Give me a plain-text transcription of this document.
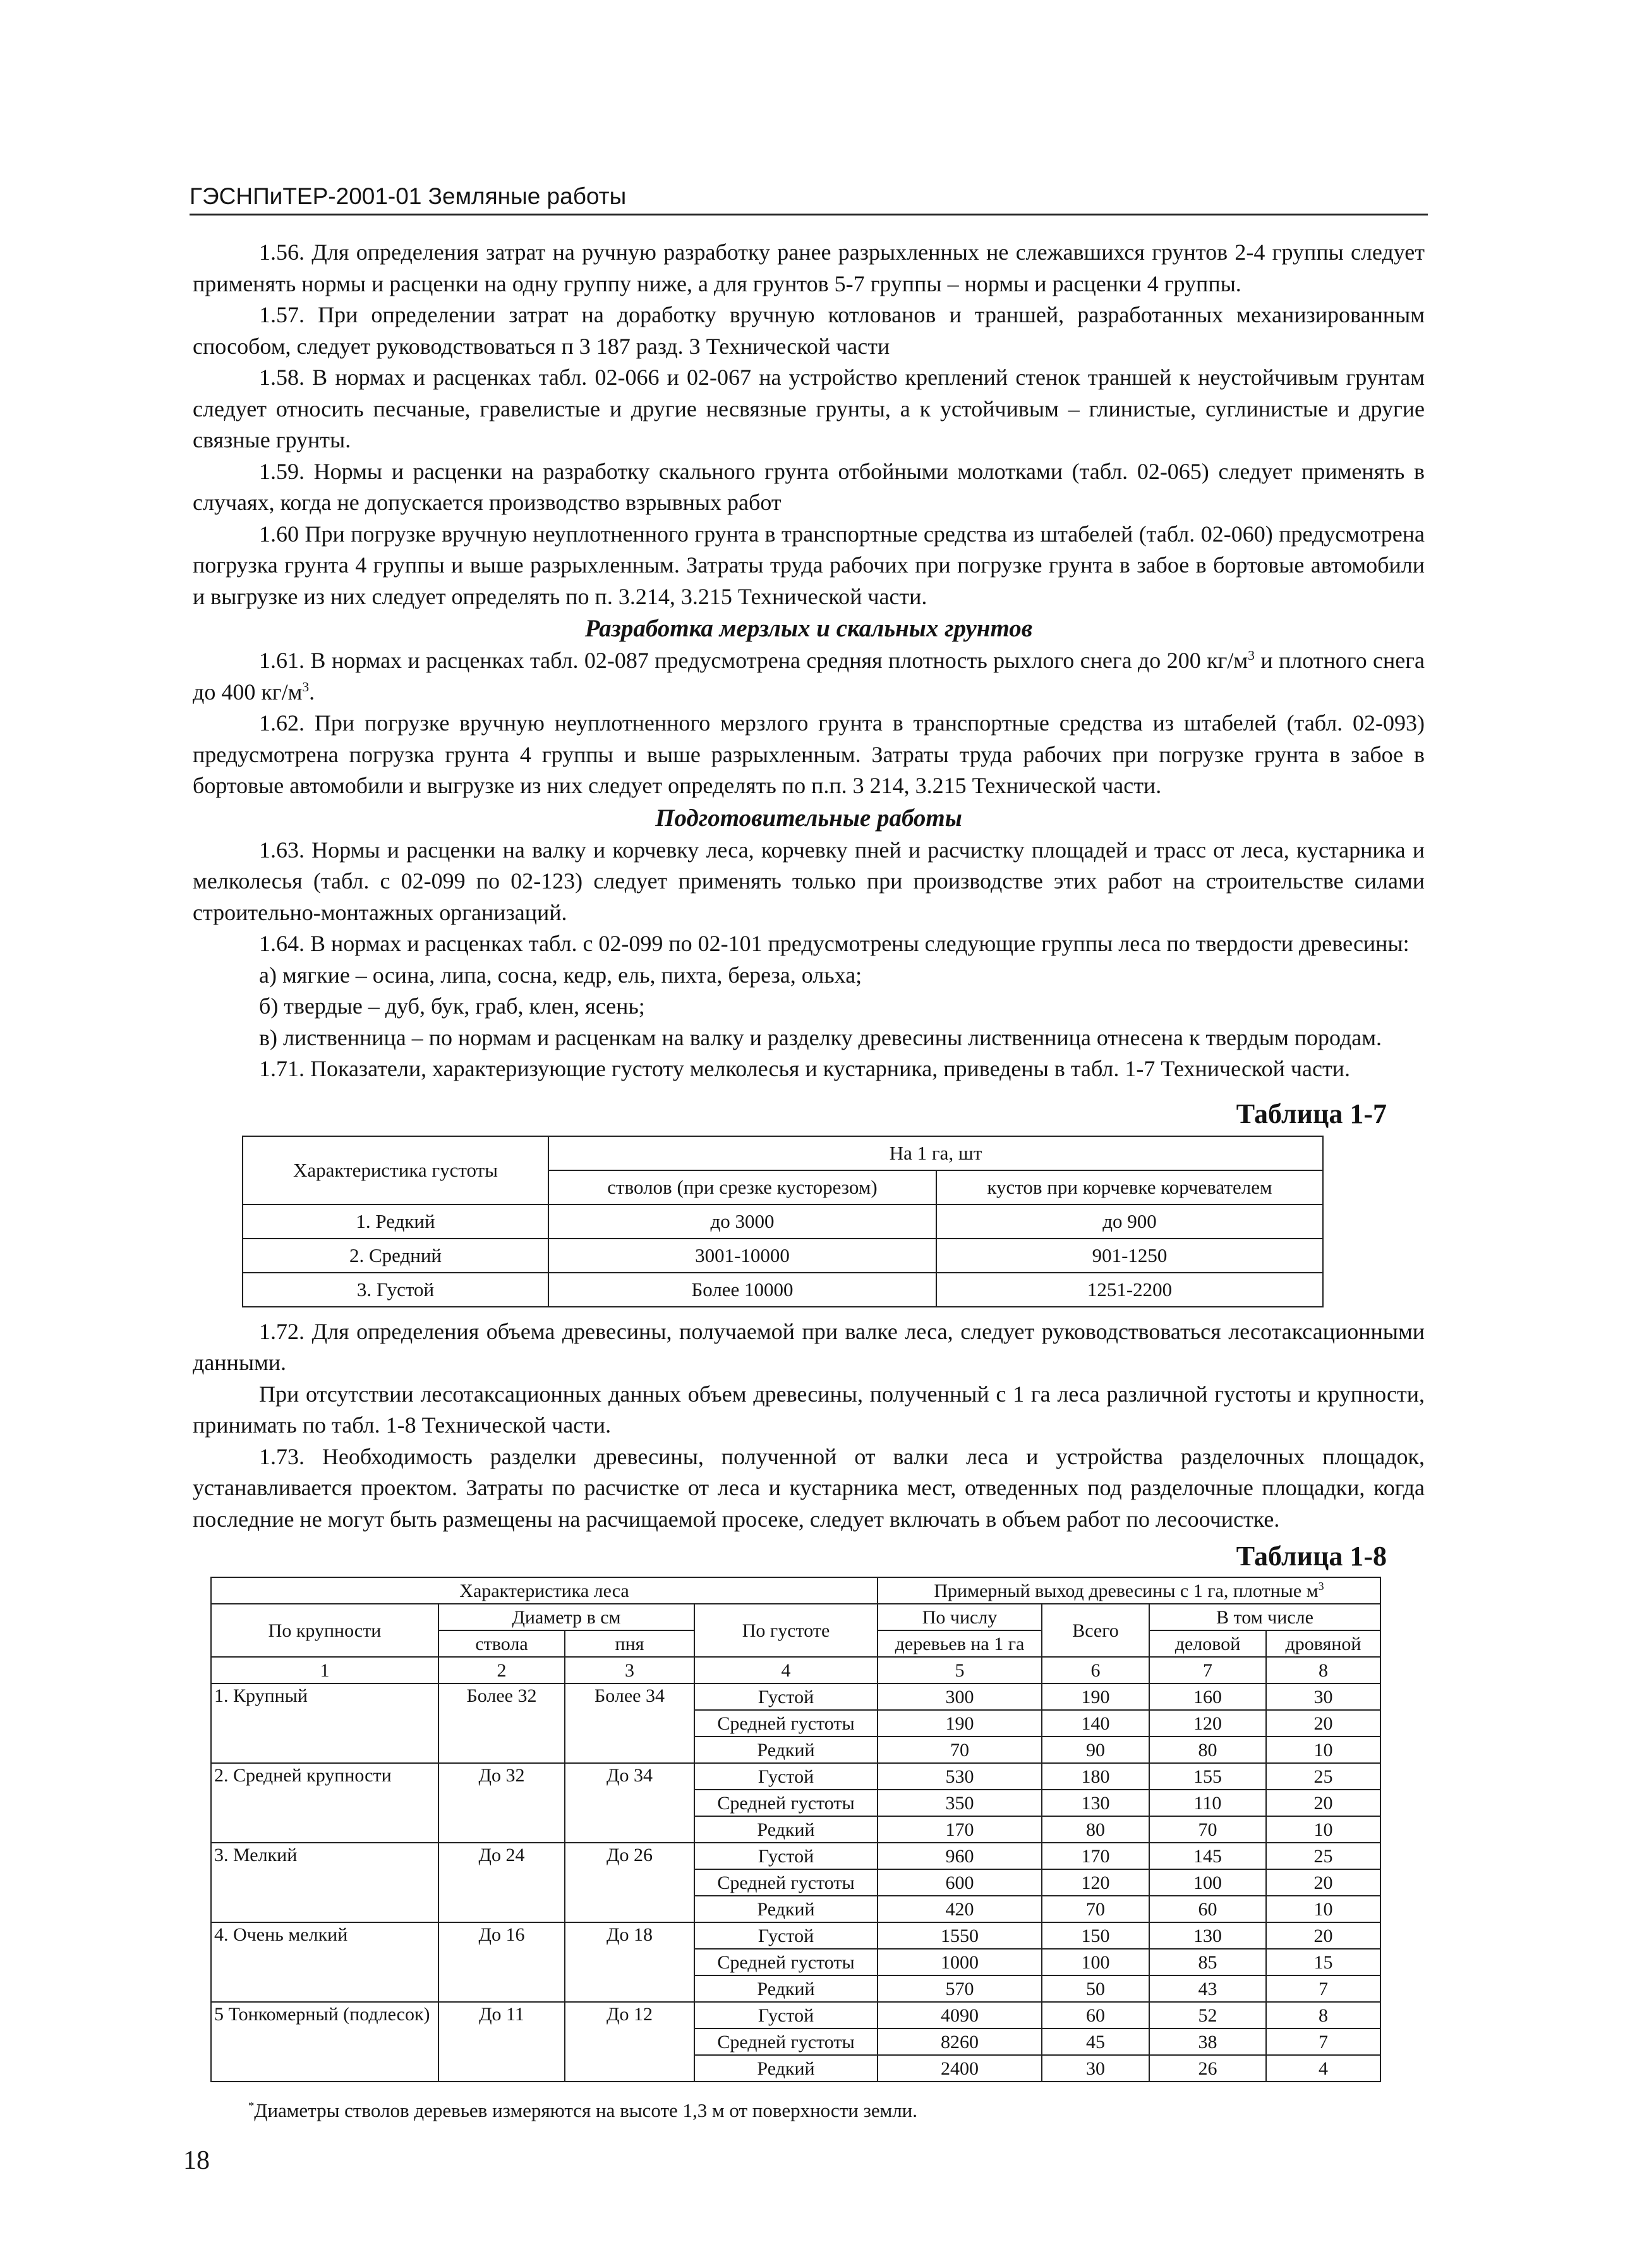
ГЭСНПиТЕР-2001-01 Земляные работы

1.56. Для определения затрат на ручную разработку ранее разрыхленных не слежавшихся грунтов 2-4 группы следует применять нормы и расценки на одну группу ниже, а для грунтов 5-7 группы – нормы и расценки 4 группы.

1.57. При определении затрат на доработку вручную котлованов и траншей, разработанных механизированным способом, следует руководствоваться п 3 187 разд. 3 Технической части

1.58. В нормах и расценках табл. 02-066 и 02-067 на устройство креплений стенок траншей к неустойчивым грунтам следует относить песчаные, гравелистые и другие несвязные грунты, а к устойчивым – глинистые, суглинистые и другие связные грунты.

1.59. Нормы и расценки на разработку скального грунта отбойными молотками (табл. 02-065) следует применять в случаях, когда не допускается производство взрывных работ

1.60 При погрузке вручную неуплотненного грунта в транспортные средства из штабелей (табл. 02-060) предусмотрена погрузка грунта 4 группы и выше разрыхленным. Затраты труда рабочих при погрузке грунта в забое в бортовые автомобили и выгрузке из них следует определять по п. 3.214, 3.215 Технической части.

Разработка мерзлых и скальных грунтов

1.61. В нормах и расценках табл. 02-087 предусмотрена средняя плотность рыхлого снега до 200 $кг/м^3$ и плотного снега до 400 $кг/м^3$.

1.62. При погрузке вручную неуплотненного мерзлого грунта в транспортные средства из штабелей (табл. 02-093) предусмотрена погрузка грунта 4 группы и выше разрыхленным. Затраты труда рабочих при погрузке грунта в забое в бортовые автомобили и выгрузке из них следует определять по п.п. 3 214, 3.215 Технической части.

Подготовительные работы

1.63. Нормы и расценки на валку и корчевку леса, корчевку пней и расчистку площадей и трасс от леса, кустарника и мелколесья (табл. с 02-099 по 02-123) следует применять только при производстве этих работ на строительстве силами строительно-монтажных организаций.

1.64. В нормах и расценках табл. с 02-099 по 02-101 предусмотрены следующие группы леса по твердости древесины:

а) мягкие – осина, липа, сосна, кедр, ель, пихта, береза, ольха;

б) твердые – дуб, бук, граб, клен, ясень;

в) лиственница – по нормам и расценкам на валку и разделку древесины лиственница отнесена к твердым породам.

1.71. Показатели, характеризующие густоту мелколесья и кустарника, приведены в табл. 1-7 Технической части.

Таблица 1-7
Характеристика густоты	На 1 га, шт	
	стволов (при срезке кусторезом)	кустов при корчевке корчевателем
1. Редкий	до 3000	до 900
2. Средний	3001-10000	901-1250
3. Густой	Более 10000	1251-2200

1.72. Для определения объема древесины, получаемой при валке леса, следует руководствоваться лесотаксационными данными.

При отсутствии лесотаксационных данных объем древесины, полученный с 1 га леса различной густоты и крупности, принимать по табл. 1-8 Технической части.

1.73. Необходимость разделки древесины, полученной от валки леса и устройства разделочных площадок, устанавливается проектом. Затраты по расчистке от леса и кустарника мест, отведенных под разделочные площадки, когда последние не могут быть размещены на расчищаемой просеке, следует включать в объем работ по лесоочистке.

Таблица 1-8
Характеристика леса				Примерный выход древесины с 1 га, плотные $м^3$
По крупности	Диаметр в см		По густоте	По числу	Всего	В том числе	
	ствола	пня		деревьев на 1 га		деловой	дровяной
1	2	3	4	5	6	7	8
1. Крупный	Более 32	Более 34	Густой	300	190	160	30
			Средней густоты	190	140	120	20
			Редкий	70	90	80	10
2. Средней крупности	До 32	До 34	Густой	530	180	155	25
			Средней густоты	350	130	110	20
			Редкий	170	80	70	10
3. Мелкий	До 24	До 26	Густой	960	170	145	25
			Средней густоты	600	120	100	20
			Редкий	420	70	60	10
4. Очень мелкий	До 16	До 18	Густой	1550	150	130	20
			Средней густоты	1000	100	85	15
			Редкий	570	50	43	7
5 Тонкомерный (подлесок)	До 11	До 12	Густой	4090	60	52	8
			Средней густоты	8260	45	38	7
			Редкий	2400	30	26	4
*Диаметры стволов деревьев измеряются на высоте 1,3 м от поверхности земли.
18
